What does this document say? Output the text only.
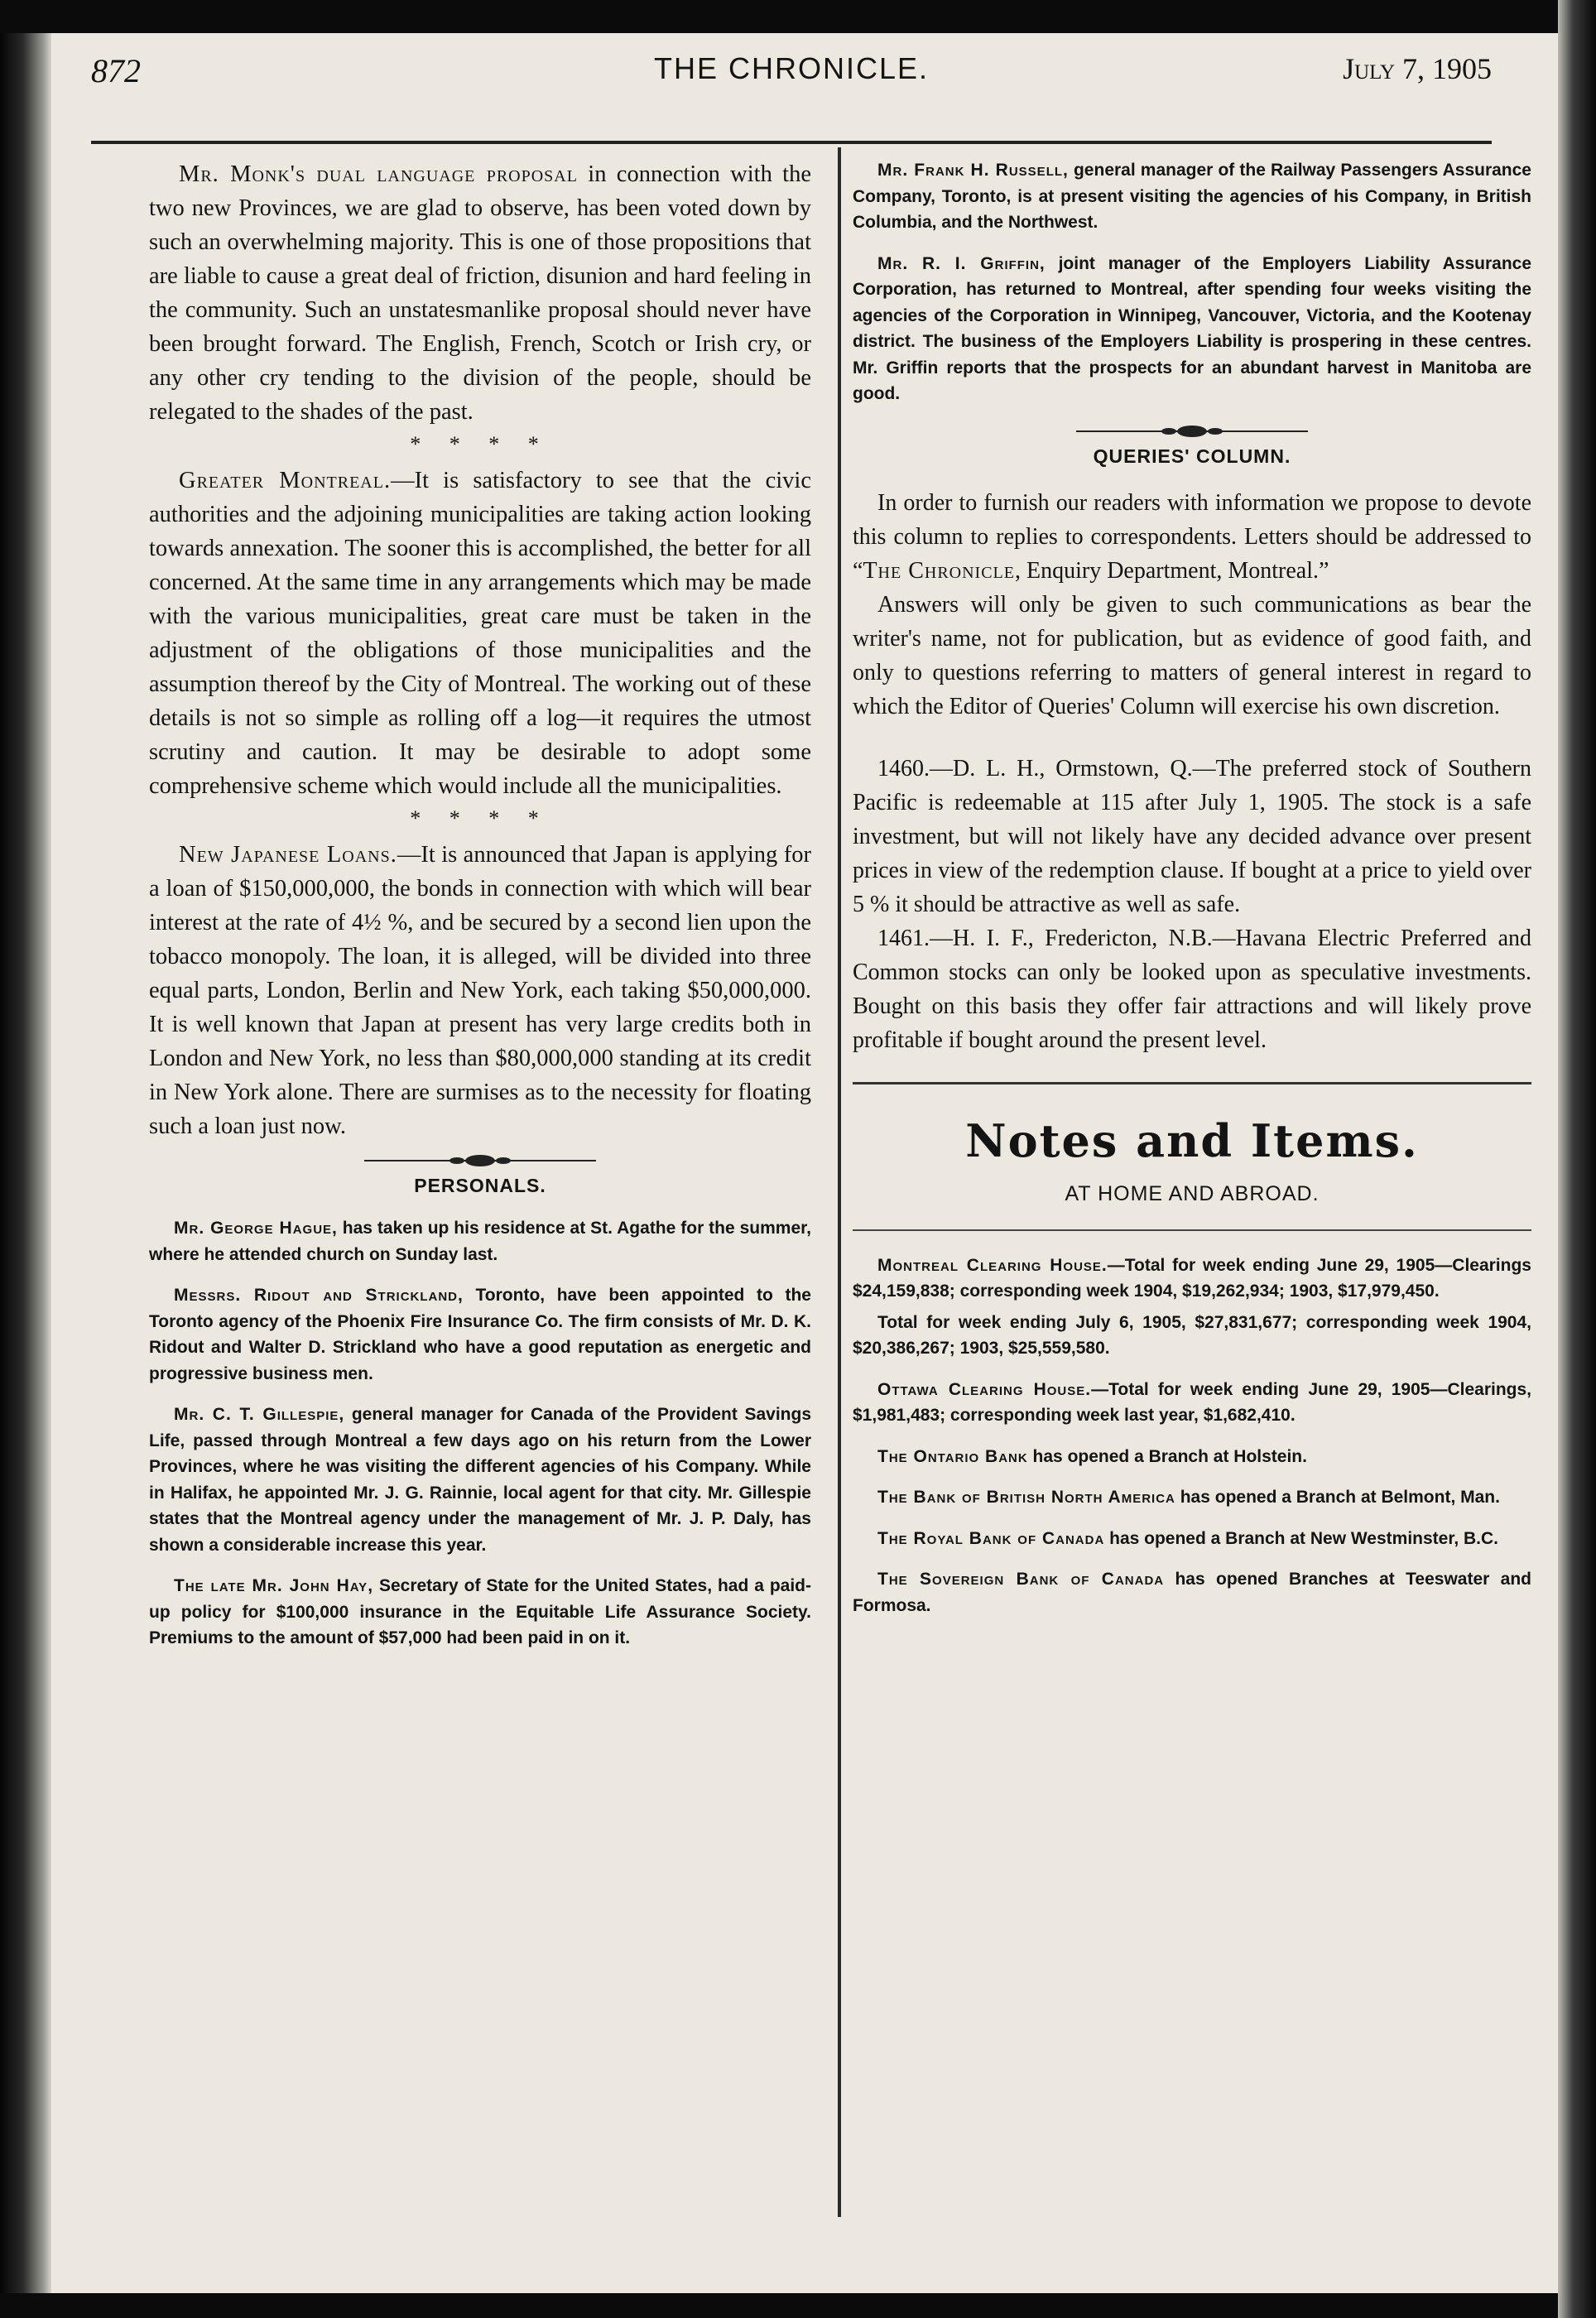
872	THE CHRONICLE.	July 7, 1905

Mr. Monk's dual language proposal in connection with the two new Provinces, we are glad to observe, has been voted down by such an overwhelming majority. This is one of those propositions that are liable to cause a great deal of friction, disunion and hard feeling in the community. Such an unstatesmanlike proposal should never have been brought forward. The English, French, Scotch or Irish cry, or any other cry tending to the division of the people, should be relegated to the shades of the past.

* * * *

Greater Montreal.—It is satisfactory to see that the civic authorities and the adjoining municipalities are taking action looking towards annexation. The sooner this is accomplished, the better for all concerned. At the same time in any arrangements which may be made with the various municipalities, great care must be taken in the adjustment of the obligations of those municipalities and the assumption thereof by the City of Montreal. The working out of these details is not so simple as rolling off a log—it requires the utmost scrutiny and caution. It may be desirable to adopt some comprehensive scheme which would include all the municipalities.

* * * *

New Japanese Loans.—It is announced that Japan is applying for a loan of $150,000,000, the bonds in connection with which will bear interest at the rate of 4½ %, and be secured by a second lien upon the tobacco monopoly. The loan, it is alleged, will be divided into three equal parts, London, Berlin and New York, each taking $50,000,000. It is well known that Japan at present has very large credits both in London and New York, no less than $80,000,000 standing at its credit in New York alone. There are surmises as to the necessity for floating such a loan just now.

PERSONALS.

Mr. George Hague, has taken up his residence at St. Agathe for the summer, where he attended church on Sunday last.

Messrs. Ridout and Strickland, Toronto, have been appointed to the Toronto agency of the Phoenix Fire Insurance Co. The firm consists of Mr. D. K. Ridout and Walter D. Strickland who have a good reputation as energetic and progressive business men.

Mr. C. T. Gillespie, general manager for Canada of the Provident Savings Life, passed through Montreal a few days ago on his return from the Lower Provinces, where he was visiting the different agencies of his Company. While in Halifax, he appointed Mr. J. G. Rainnie, local agent for that city. Mr. Gillespie states that the Montreal agency under the management of Mr. J. P. Daly, has shown a considerable increase this year.

The late Mr. John Hay, Secretary of State for the United States, had a paid-up policy for $100,000 insurance in the Equitable Life Assurance Society. Premiums to the amount of $57,000 had been paid in on it.

Mr. Frank H. Russell, general manager of the Railway Passengers Assurance Company, Toronto, is at present visiting the agencies of his Company, in British Columbia, and the Northwest.

Mr. R. I. Griffin, joint manager of the Employers Liability Assurance Corporation, has returned to Montreal, after spending four weeks visiting the agencies of the Corporation in Winnipeg, Vancouver, Victoria, and the Kootenay district. The business of the Employers Liability is prospering in these centres. Mr. Griffin reports that the prospects for an abundant harvest in Manitoba are good.

QUERIES' COLUMN.

In order to furnish our readers with information we propose to devote this column to replies to correspondents. Letters should be addressed to “The Chronicle, Enquiry Department, Montreal.”

Answers will only be given to such communications as bear the writer's name, not for publication, but as evidence of good faith, and only to questions referring to matters of general interest in regard to which the Editor of Queries' Column will exercise his own discretion.

1460.—D. L. H., Ormstown, Q.—The preferred stock of Southern Pacific is redeemable at 115 after July 1, 1905. The stock is a safe investment, but will not likely have any decided advance over present prices in view of the redemption clause. If bought at a price to yield over 5 % it should be attractive as well as safe.

1461.—H. I. F., Fredericton, N.B.—Havana Electric Preferred and Common stocks can only be looked upon as speculative investments. Bought on this basis they offer fair attractions and will likely prove profitable if bought around the present level.

Notes and Items.
AT HOME AND ABROAD.

Montreal Clearing House.—Total for week ending June 29, 1905—Clearings $24,159,838; corresponding week 1904, $19,262,934; 1903, $17,979,450.

Total for week ending July 6, 1905, $27,831,677; corresponding week 1904, $20,386,267; 1903, $25,559,580.

Ottawa Clearing House.—Total for week ending June 29, 1905—Clearings, $1,981,483; corresponding week last year, $1,682,410.

The Ontario Bank has opened a Branch at Holstein.

The Bank of British North America has opened a Branch at Belmont, Man.

The Royal Bank of Canada has opened a Branch at New Westminster, B.C.

The Sovereign Bank of Canada has opened Branches at Teeswater and Formosa.
